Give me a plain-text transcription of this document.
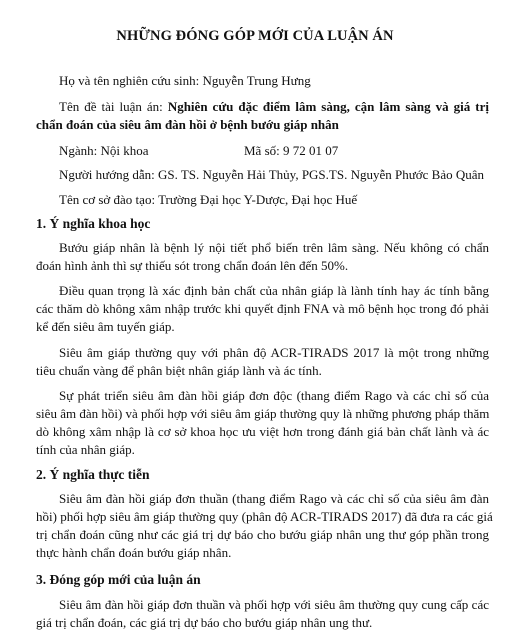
NHỮNG ĐÓNG GÓP MỚI CỦA LUẬN ÁN
Họ và tên nghiên cứu sinh: Nguyễn Trung Hưng
Tên đề tài luận án: Nghiên cứu đặc điểm lâm sàng, cận lâm sàng và giá trị
chẩn đoán của siêu âm đàn hồi ở bệnh bướu giáp nhân
Ngành: Nội khoa	Mã số: 9 72 01 07
Người hướng dẫn: GS. TS. Nguyễn Hải Thủy, PGS.TS. Nguyễn Phước Bảo Quân
Tên cơ sở đào tạo: Trường Đại học Y-Dược, Đại học Huế
1. Ý nghĩa khoa học
Bướu giáp nhân là bệnh lý nội tiết phổ biến trên lâm sàng. Nếu không có chẩn
đoán hình ảnh thì sự thiếu sót trong chẩn đoán lên đến 50%.
Điều quan trọng là xác định bản chất của nhân giáp là lành tính hay ác tính bằng
các thăm dò không xâm nhập trước khi quyết định FNA và mô bệnh học trong đó phải
kể đến siêu âm tuyến giáp.
Siêu âm giáp thường quy với phân độ ACR-TIRADS 2017 là một trong những
tiêu chuẩn vàng để phân biệt nhân giáp lành và ác tính.
Sự phát triển siêu âm đàn hồi giáp đơn độc (thang điểm Rago và các chỉ số của
siêu âm đàn hồi) và phối hợp với siêu âm giáp thường quy là những phương pháp thăm
dò không xâm nhập là cơ sở khoa học ưu việt hơn trong đánh giá bản chất lành và ác
tính của nhân giáp.
2. Ý nghĩa thực tiễn
Siêu âm đàn hồi giáp đơn thuần (thang điểm Rago và các chỉ số của siêu âm đàn
hồi) phối hợp siêu âm giáp thường quy (phân độ ACR-TIRADS 2017) đã đưa ra các giá
trị chẩn đoán cũng như các giá trị dự báo cho bướu giáp nhân ung thư góp phần trong
thực hành chẩn đoán bướu giáp nhân.
3. Đóng góp mới của luận án
Siêu âm đàn hồi giáp đơn thuần và phối hợp với siêu âm thường quy cung cấp các
giá trị chẩn đoán, các giá trị dự báo cho bướu giáp nhân ung thư.
